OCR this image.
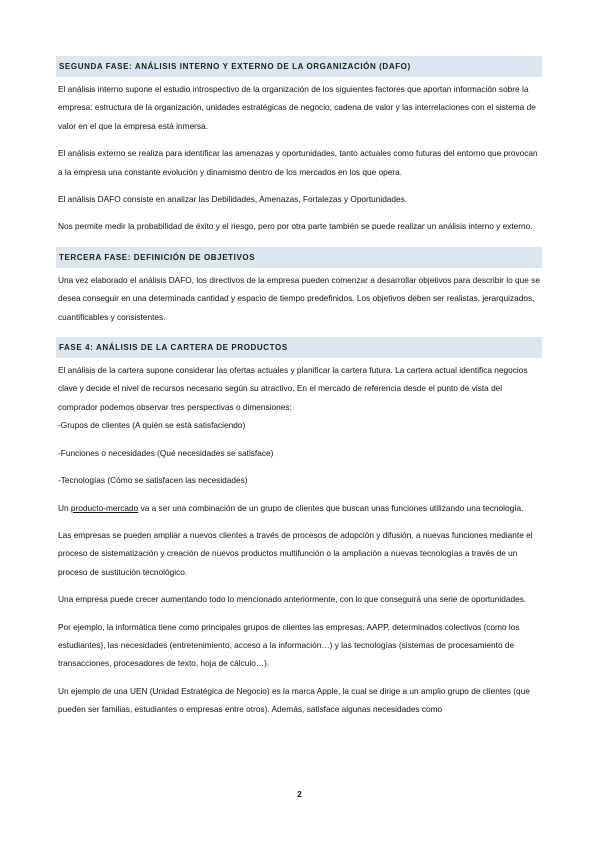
SEGUNDA FASE: ANÁLISIS INTERNO Y EXTERNO DE LA ORGANIZACIÓN (DAFO)

El análisis interno supone el estudio introspectivo de la organización de los siguientes factores que aportan información sobre la empresa: estructura de la organización, unidades estratégicas de negocio, cadena de valor y las interrelaciones con el sistema de valor en el que la empresa está inmersa.

El análisis externo se realiza para identificar las amenazas y oportunidades, tanto actuales como futuras del entorno que provocan a la empresa una constante evolución y dinamismo dentro de los mercados en los que opera.

El análisis DAFO consiste en analizar las Debilidades, Amenazas, Fortalezas y Oportunidades.

Nos permite medir la probabilidad de éxito y el riesgo, pero por otra parte también se puede realizar un análisis interno y externo.

TERCERA FASE: DEFINICIÓN DE OBJETIVOS

Una vez elaborado el análisis DAFO, los directivos de la empresa pueden comenzar a desarrollar objetivos para describir lo que se desea conseguir en una determinada cantidad y espacio de tiempo predefinidos. Los objetivos deben ser realistas, jerarquizados, cuantificables y consistentes.

FASE 4: ANÁLISIS DE LA CARTERA DE PRODUCTOS

El análisis de la cartera supone considerar las ofertas actuales y planificar la cartera futura. La cartera actual identifica negocios clave y decide el nivel de recursos necesario según su atractivo. En el mercado de referencia desde el punto de vista del comprador podemos observar tres perspectivas o dimensiones:

-Grupos de clientes (A quién se está satisfaciendo)

-Funciones o necesidades (Qué necesidades se satisface)

-Tecnologías (Cómo se satisfacen las necesidades)

Un producto-mercado va a ser una combinación de un grupo de clientes que buscan unas funciones utilizando una tecnología.

Las empresas se pueden ampliar a nuevos clientes a través de procesos de adopción y difusión, a nuevas funciones mediante el proceso de sistematización y creación de nuevos productos multifunción o la ampliación a nuevas tecnologías a través de un proceso de sustitución tecnológico.

Una empresa puede crecer aumentando todo lo mencionado anteriormente, con lo que conseguirá una serie de oportunidades.

Por ejemplo, la informática tiene como principales grupos de clientes las empresas, AAPP, determinados colectivos (como los estudiantes), las necesidades (entretenimiento, acceso a la información…) y las tecnologías (sistemas de procesamiento de transacciones, procesadores de texto, hoja de cálculo…).

Un ejemplo de una UEN (Unidad Estratégica de Negocio) es la marca Apple, la cual se dirige a un amplio grupo de clientes (que pueden ser familias, estudiantes o empresas entre otros). Además, satisface algunas necesidades como

2
